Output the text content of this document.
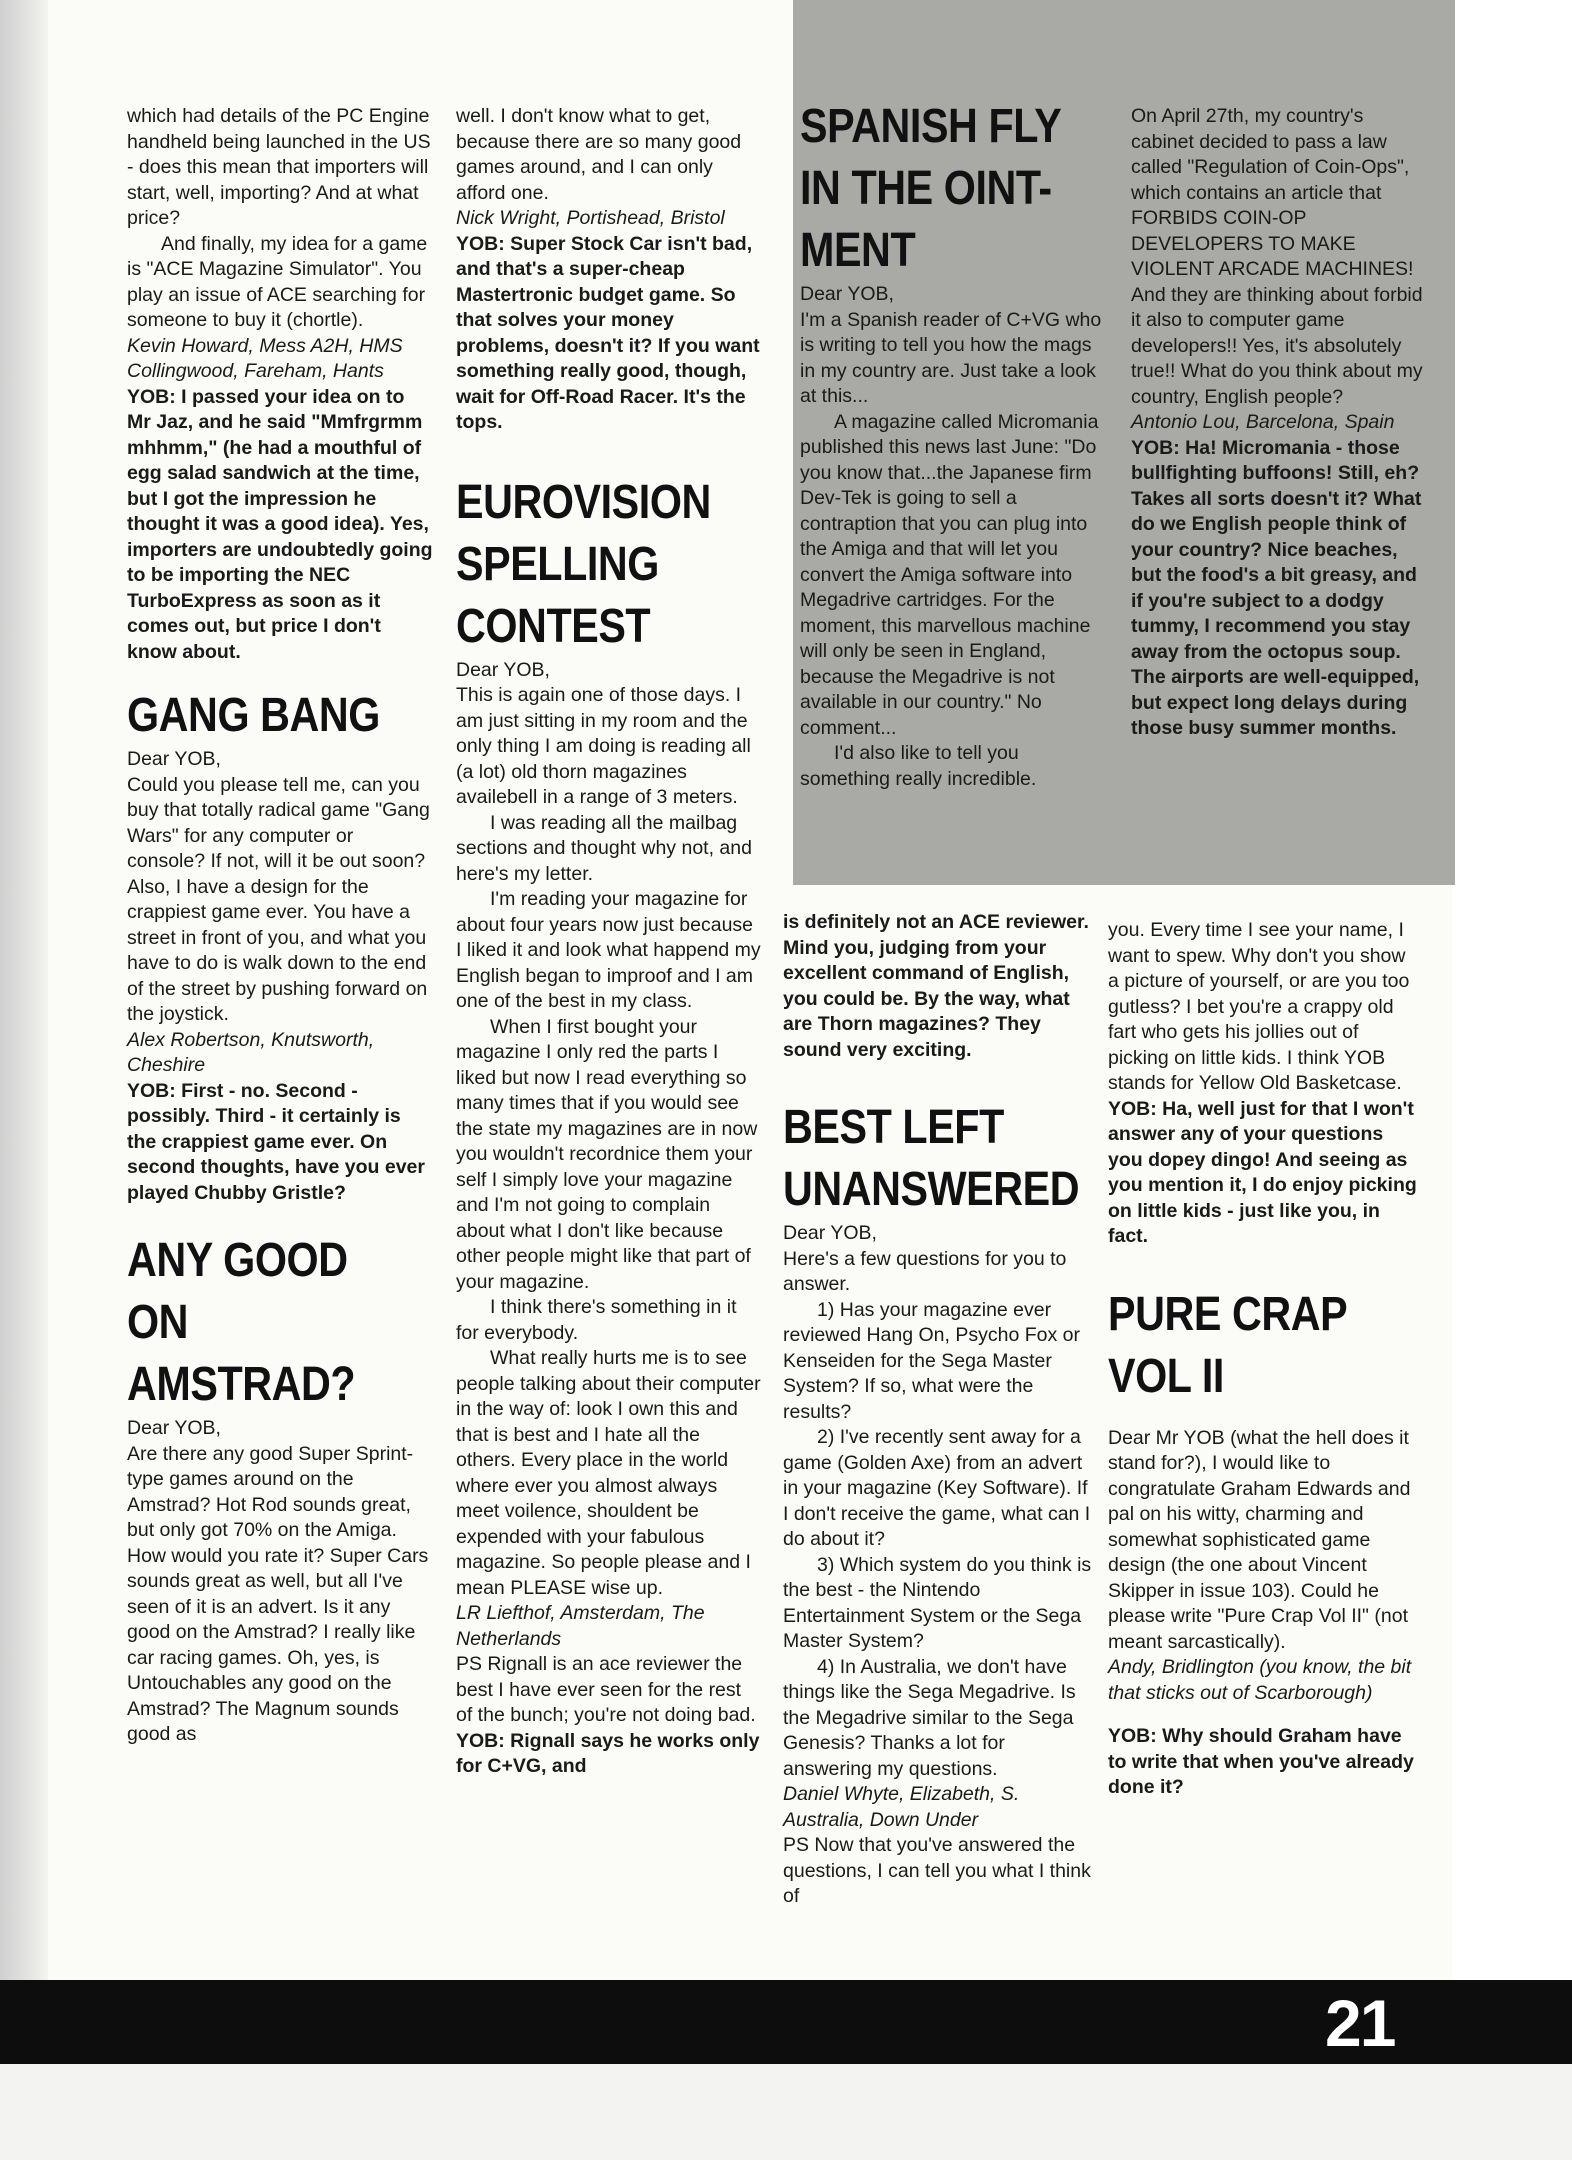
which had details of the PC Engine handheld being launched in the US - does this mean that importers will start, well, importing? And at what price?

And finally, my idea for a game is "ACE Magazine Simulator". You play an issue of ACE searching for someone to buy it (chortle).

Kevin Howard, Mess A2H, HMS Collingwood, Fareham, Hants

YOB: I passed your idea on to Mr Jaz, and he said "Mmfrgrmm mhhmm," (he had a mouthful of egg salad sandwich at the time, but I got the impression he thought it was a good idea). Yes, importers are undoubtedly going to be importing the NEC TurboExpress as soon as it comes out, but price I don't know about.

GANG BANG

Dear YOB,

Could you please tell me, can you buy that totally radical game "Gang Wars" for any computer or console? If not, will it be out soon? Also, I have a design for the crappiest game ever. You have a street in front of you, and what you have to do is walk down to the end of the street by pushing forward on the joystick.

Alex Robertson, Knutsworth, Cheshire

YOB: First - no. Second - possibly. Third - it certainly is the crappiest game ever. On second thoughts, have you ever played Chubby Gristle?

ANY GOOD
ON
AMSTRAD?

Dear YOB,

Are there any good Super Sprint-type games around on the Amstrad? Hot Rod sounds great, but only got 70% on the Amiga. How would you rate it? Super Cars sounds great as well, but all I've seen of it is an advert. Is it any good on the Amstrad? I really like car racing games. Oh, yes, is Untouchables any good on the Amstrad? The Magnum sounds good as

well. I don't know what to get, because there are so many good games around, and I can only afford one.

Nick Wright, Portishead, Bristol

YOB: Super Stock Car isn't bad, and that's a super-cheap Mastertronic budget game. So that solves your money problems, doesn't it? If you want something really good, though, wait for Off-Road Racer. It's the tops.

EUROVISION
SPELLING
CONTEST

Dear YOB,

This is again one of those days. I am just sitting in my room and the only thing I am doing is reading all (a lot) old thorn magazines availebell in a range of 3 meters.

I was reading all the mailbag sections and thought why not, and here's my letter.

I'm reading your magazine for about four years now just because I liked it and look what happend my English began to improof and I am one of the best in my class.

When I first bought your magazine I only red the parts I liked but now I read everything so many times that if you would see the state my magazines are in now you wouldn't recordnice them your self I simply love your magazine and I'm not going to complain about what I don't like because other people might like that part of your magazine.

I think there's something in it for everybody.

What really hurts me is to see people talking about their computer in the way of: look I own this and that is best and I hate all the others. Every place in the world where ever you almost always meet voilence, shouldent be expended with your fabulous magazine. So people please and I mean PLEASE wise up.

LR Liefthof, Amsterdam, The Netherlands

PS Rignall is an ace reviewer the best I have ever seen for the rest of the bunch; you're not doing bad.

YOB: Rignall says he works only for C+VG, and

SPANISH FLY
IN THE OINT-
MENT

Dear YOB,

I'm a Spanish reader of C+VG who is writing to tell you how the mags in my country are. Just take a look at this...

A magazine called Micromania published this news last June: "Do you know that...the Japanese firm Dev-Tek is going to sell a contraption that you can plug into the Amiga and that will let you convert the Amiga software into Megadrive cartridges. For the moment, this marvellous machine will only be seen in England, because the Megadrive is not available in our country." No comment...

I'd also like to tell you something really incredible.

is definitely not an ACE reviewer. Mind you, judging from your excellent command of English, you could be. By the way, what are Thorn magazines? They sound very exciting.

BEST LEFT
UNANSWERED

Dear YOB,

Here's a few questions for you to answer.

1) Has your magazine ever reviewed Hang On, Psycho Fox or Kenseiden for the Sega Master System? If so, what were the results?

2) I've recently sent away for a game (Golden Axe) from an advert in your magazine (Key Software). If I don't receive the game, what can I do about it?

3) Which system do you think is the best - the Nintendo Entertainment System or the Sega Master System?

4) In Australia, we don't have things like the Sega Megadrive. Is the Megadrive similar to the Sega Genesis? Thanks a lot for answering my questions.

Daniel Whyte, Elizabeth, S. Australia, Down Under

PS Now that you've answered the questions, I can tell you what I think of

On April 27th, my country's cabinet decided to pass a law called "Regulation of Coin-Ops", which contains an article that FORBIDS COIN-OP DEVELOPERS TO MAKE VIOLENT ARCADE MACHINES! And they are thinking about forbid it also to computer game developers!! Yes, it's absolutely true!! What do you think about my country, English people?

Antonio Lou, Barcelona, Spain

YOB: Ha! Micromania - those bullfighting buffoons! Still, eh? Takes all sorts doesn't it? What do we English people think of your country? Nice beaches, but the food's a bit greasy, and if you're subject to a dodgy tummy, I recommend you stay away from the octopus soup. The airports are well-equipped, but expect long delays during those busy summer months.

you. Every time I see your name, I want to spew. Why don't you show a picture of yourself, or are you too gutless? I bet you're a crappy old fart who gets his jollies out of picking on little kids. I think YOB stands for Yellow Old Basketcase.

YOB: Ha, well just for that I won't answer any of your questions you dopey dingo! And seeing as you mention it, I do enjoy picking on little kids - just like you, in fact.

PURE CRAP
VOL II

Dear Mr YOB (what the hell does it stand for?), I would like to congratulate Graham Edwards and pal on his witty, charming and somewhat sophisticated game design (the one about Vincent Skipper in issue 103). Could he please write "Pure Crap Vol II" (not meant sarcastically).

Andy, Bridlington (you know, the bit that sticks out of Scarborough)

YOB: Why should Graham have to write that when you've already done it?

21
